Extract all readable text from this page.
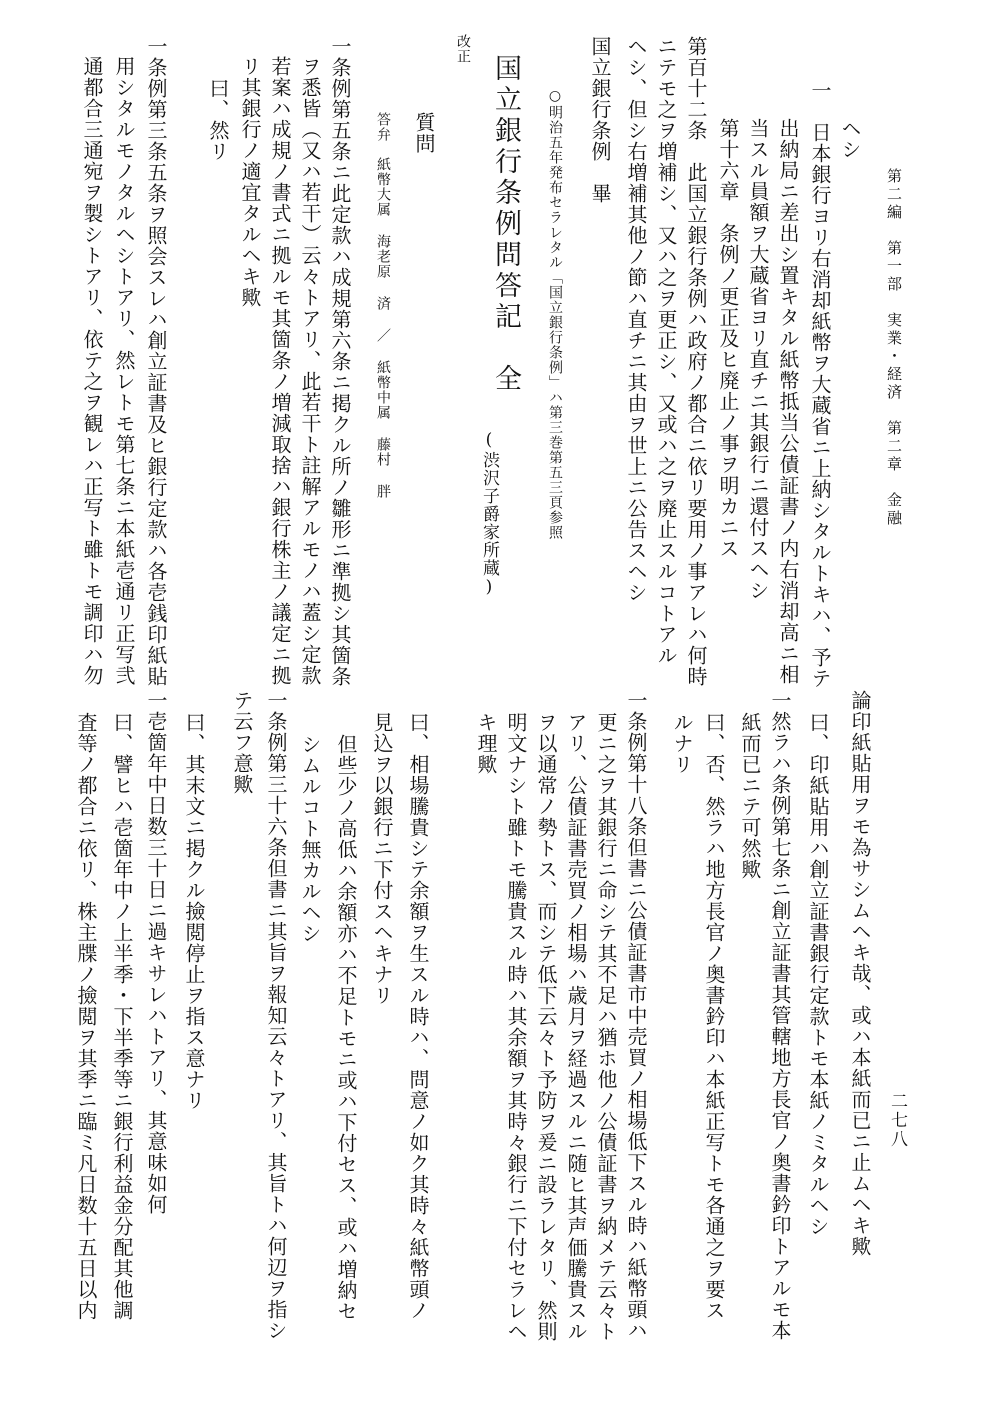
第二編　第一部　実業・経済　第二章　金融
二七八
ヘシ
一　日本銀行ヨリ右消却紙幣ヲ大蔵省ニ上納シタルトキハ、予テ
出納局ニ差出シ置キタル紙幣抵当公債証書ノ内右消却高ニ相
当スル員額ヲ大蔵省ヨリ直チニ其銀行ニ還付スヘシ
第十六章　条例ノ更正及ヒ廃止ノ事ヲ明カニス
第百十二条　此国立銀行条例ハ政府ノ都合ニ依リ要用ノ事アレハ何時
ニテモ之ヲ増補シ、又ハ之ヲ更正シ、又或ハ之ヲ廃止スルコトアル
ヘシ、但シ右増補其他ノ節ハ直チニ其由ヲ世上ニ公告スヘシ
国立銀行条例　畢
○明治五年発布セラレタル「国立銀行条例」ハ第三巻第五三頁参照
(渋沢子爵家所蔵)
国立銀行条例問答記　全
改正
質問
答弁　紙幣大属 海老原 済 ／ 紙幣中属 藤村 胖
一条例第五条ニ此定款ハ成規第六条ニ掲クル所ノ雛形ニ準拠シ其箇条
ヲ悉皆（又ハ若干）云々トアリ、此若干ト註解アルモノハ蓋シ定款
若案ハ成規ノ書式ニ拠ルモ其箇条ノ増減取捨ハ銀行株主ノ議定ニ拠
リ其銀行ノ適宜タルヘキ歟
曰、然リ
一条例第三条五条ヲ照会スレハ創立証書及ヒ銀行定款ハ各壱銭印紙貼
用シタルモノタルヘシトアリ、然レトモ第七条ニ本紙壱通リ正写弐
通都合三通宛ヲ製シトアリ、依テ之ヲ観レハ正写ト雖トモ調印ハ勿
論印紙貼用ヲモ為サシムヘキ哉、或ハ本紙而已ニ止ムヘキ歟
曰、印紙貼用ハ創立証書銀行定款トモ本紙ノミタルヘシ
一然ラハ条例第七条ニ創立証書其管轄地方長官ノ奥書鈐印トアルモ本
紙而已ニテ可然歟
曰、否、然ラハ地方長官ノ奥書鈐印ハ本紙正写トモ各通之ヲ要ス
ルナリ
一条例第十八条但書ニ公債証書市中売買ノ相場低下スル時ハ紙幣頭ハ
更ニ之ヲ其銀行ニ命シテ其不足ハ猶ホ他ノ公債証書ヲ納メテ云々ト
アリ、公債証書売買ノ相場ハ歳月ヲ経過スルニ随ヒ其声価騰貴スル
ヲ以通常ノ勢トス、而シテ低下云々ト予防ヲ爰ニ設ラレタリ、然則
明文ナシト雖トモ騰貴スル時ハ其余額ヲ其時々銀行ニ下付セラレヘ
キ理歟
曰、相場騰貴シテ余額ヲ生スル時ハ、問意ノ如ク其時々紙幣頭ノ
見込ヲ以銀行ニ下付スヘキナリ
但些少ノ高低ハ余額亦ハ不足トモニ或ハ下付セス、或ハ増納セ
シムルコト無カルヘシ
一条例第三十六条但書ニ其旨ヲ報知云々トアリ、其旨トハ何辺ヲ指シ
テ云フ意歟
曰、其末文ニ掲クル撿閲停止ヲ指ス意ナリ
一壱箇年中日数三十日ニ過キサレハトアリ、其意味如何
曰、譬ヒハ壱箇年中ノ上半季・下半季等ニ銀行利益金分配其他調
査等ノ都合ニ依リ、株主牒ノ撿閲ヲ其季ニ臨ミ凡日数十五日以内
